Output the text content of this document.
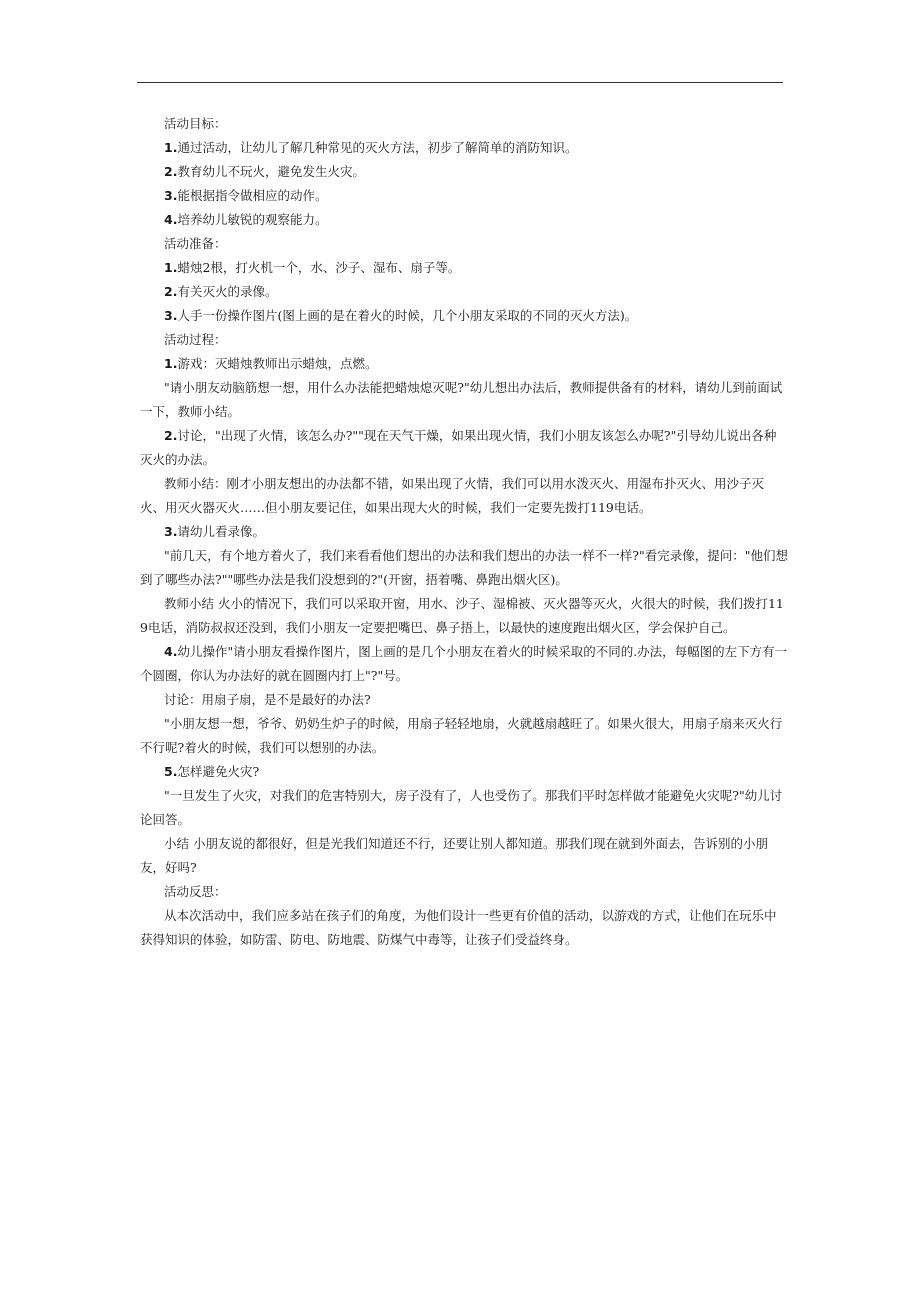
活动目标：

1.通过活动，让幼儿了解几种常见的灭火方法，初步了解简单的消防知识。

2.教育幼儿不玩火，避免发生火灾。

3.能根据指令做相应的动作。

4.培养幼儿敏锐的观察能力。

活动准备：

1.蜡烛2根，打火机一个，水、沙子、湿布、扇子等。

2.有关灭火的录像。

3.人手一份操作图片(图上画的是在着火的时候，几个小朋友采取的不同的灭火方法)。

活动过程：

1.游戏：灭蜡烛教师出示蜡烛，点燃。

"请小朋友动脑筋想一想，用什么办法能把蜡烛熄灭呢?"幼儿想出办法后，教师提供备有的材料，请幼儿到前面试一下，教师小结。

2.讨论，"出现了火情，该怎么办?""现在天气干燥，如果出现火情，我们小朋友该怎么办呢?"引导幼儿说出各种灭火的办法。

教师小结：刚才小朋友想出的办法都不错，如果出现了火情，我们可以用水泼灭火、用湿布扑灭火、用沙子灭火、用灭火器灭火……但小朋友要记住，如果出现大火的时候，我们一定要先拨打119电话。

3.请幼儿看录像。

"前几天，有个地方着火了，我们来看看他们想出的办法和我们想出的办法一样不一样?"看完录像，提问："他们想到了哪些办法?""哪些办法是我们没想到的?"(开窗，捂着嘴、鼻跑出烟火区)。

教师小结 火小的情况下，我们可以采取开窗，用水、沙子、湿棉被、灭火器等灭火，火很大的时候，我们拨打119电话，消防叔叔还没到，我们小朋友一定要把嘴巴、鼻子捂上，以最快的速度跑出烟火区，学会保护自己。

4.幼儿操作"请小朋友看操作图片，图上画的是几个小朋友在着火的时候采取的不同的.办法，每幅图的左下方有一个圆圈，你认为办法好的就在圆圈内打上"?"号。

讨论：用扇子扇，是不是最好的办法?

"小朋友想一想，爷爷、奶奶生炉子的时候，用扇子轻轻地扇，火就越扇越旺了。如果火很大，用扇子扇来灭火行不行呢?着火的时候，我们可以想别的办法。

5.怎样避免火灾?

"一旦发生了火灾，对我们的危害特别大，房子没有了，人也受伤了。那我们平时怎样做才能避免火灾呢?"幼儿讨论回答。

小结 小朋友说的都很好，但是光我们知道还不行，还要让别人都知道。那我们现在就到外面去，告诉别的小朋友，好吗?

活动反思：

从本次活动中，我们应多站在孩子们的角度，为他们设计一些更有价值的活动，以游戏的方式，让他们在玩乐中获得知识的体验，如防雷、防电、防地震、防煤气中毒等，让孩子们受益终身。
